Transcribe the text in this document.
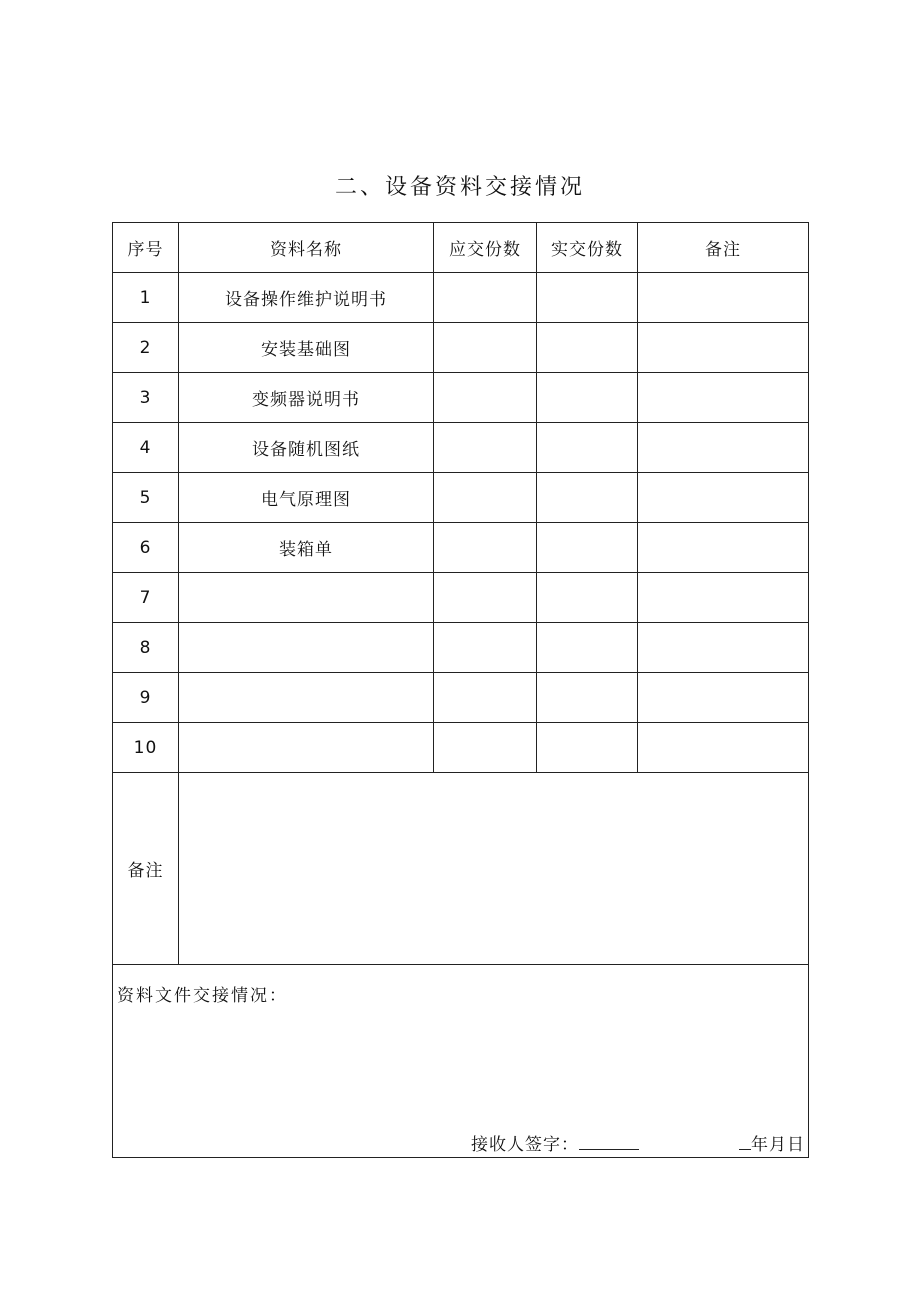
二、设备资料交接情况
序号	资料名称	应交份数	实交份数	备注
1	设备操作维护说明书			
2	安装基础图			
3	变频器说明书			
4	设备随机图纸			
5	电气原理图			
6	装箱单			
7				
8				
9				
10				
备注				

资料文件交接情况：
接收人签字： 年月日				
